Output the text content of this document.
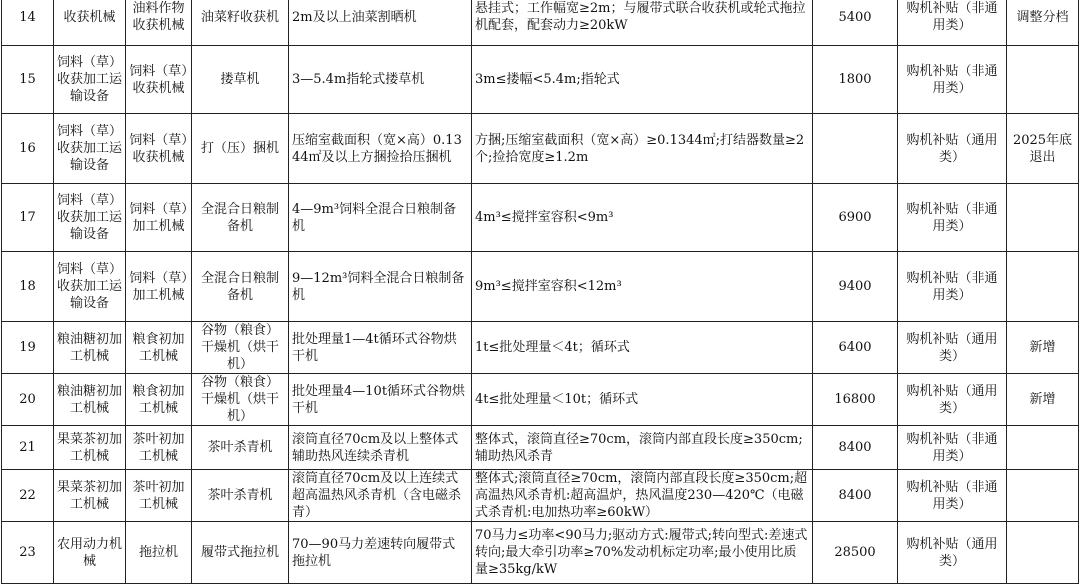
14	收获机械	油料作物收获机械	油菜籽收获机	2m及以上油菜割晒机	悬挂式；工作幅宽≥2m；与履带式联合收获机或轮式拖拉机配套，配套动力≥20kW	5400	购机补贴（非通用类）	调整分档
15	饲料（草）收获加工运输设备	饲料（草）收获机械	搂草机	3—5.4m指轮式搂草机	3m≤搂幅<5.4m;指轮式	1800	购机补贴（非通用类）	
16	饲料（草）收获加工运输设备	饲料（草）收获机械	打（压）捆机	压缩室截面积（宽×高）0.1344㎡及以上方捆捡拾压捆机	方捆;压缩室截面积（宽×高）≥0.1344㎡;打结器数量≥2个;捡拾宽度≥1.2m		购机补贴（通用类）	2025年底退出
17	饲料（草）收获加工运输设备	饲料（草）加工机械	全混合日粮制备机	4—9m³饲料全混合日粮制备机	4m³≤搅拌室容积<9m³	6900	购机补贴（非通用类）	
18	饲料（草）收获加工运输设备	饲料（草）加工机械	全混合日粮制备机	9—12m³饲料全混合日粮制备机	9m³≤搅拌室容积<12m³	9400	购机补贴（非通用类）	
19	粮油糖初加工机械	粮食初加工机械	谷物（粮食）干燥机（烘干机）	批处理量1—4t循环式谷物烘干机	1t≤批处理量＜4t；循环式	6400	购机补贴（通用类）	新增
20	粮油糖初加工机械	粮食初加工机械	谷物（粮食）干燥机（烘干机）	批处理量4—10t循环式谷物烘干机	4t≤批处理量＜10t；循环式	16800	购机补贴（通用类）	新增
21	果菜茶初加工机械	茶叶初加工机械	茶叶杀青机	滚筒直径70cm及以上整体式辅助热风连续杀青机	整体式，滚筒直径≥70cm，滚筒内部直段长度≥350cm;辅助热风杀青	8400	购机补贴（非通用类）	
22	果菜茶初加工机械	茶叶初加工机械	茶叶杀青机	滚筒直径70cm及以上连续式超高温热风杀青机（含电磁杀青）	整体式;滚筒直径≥70cm，滚筒内部直段长度≥350cm;超高温热风杀青机:超高温炉，热风温度230—420℃（电磁式杀青机:电加热功率≥60kW）	8400	购机补贴（非通用类）	
23	农用动力机械	拖拉机	履带式拖拉机	70—90马力差速转向履带式拖拉机	70马力≤功率<90马力;驱动方式:履带式;转向型式:差速式转向;最大牵引功率≥70%发动机标定功率;最小使用比质量≥35kg/kW	28500	购机补贴（通用类）	
